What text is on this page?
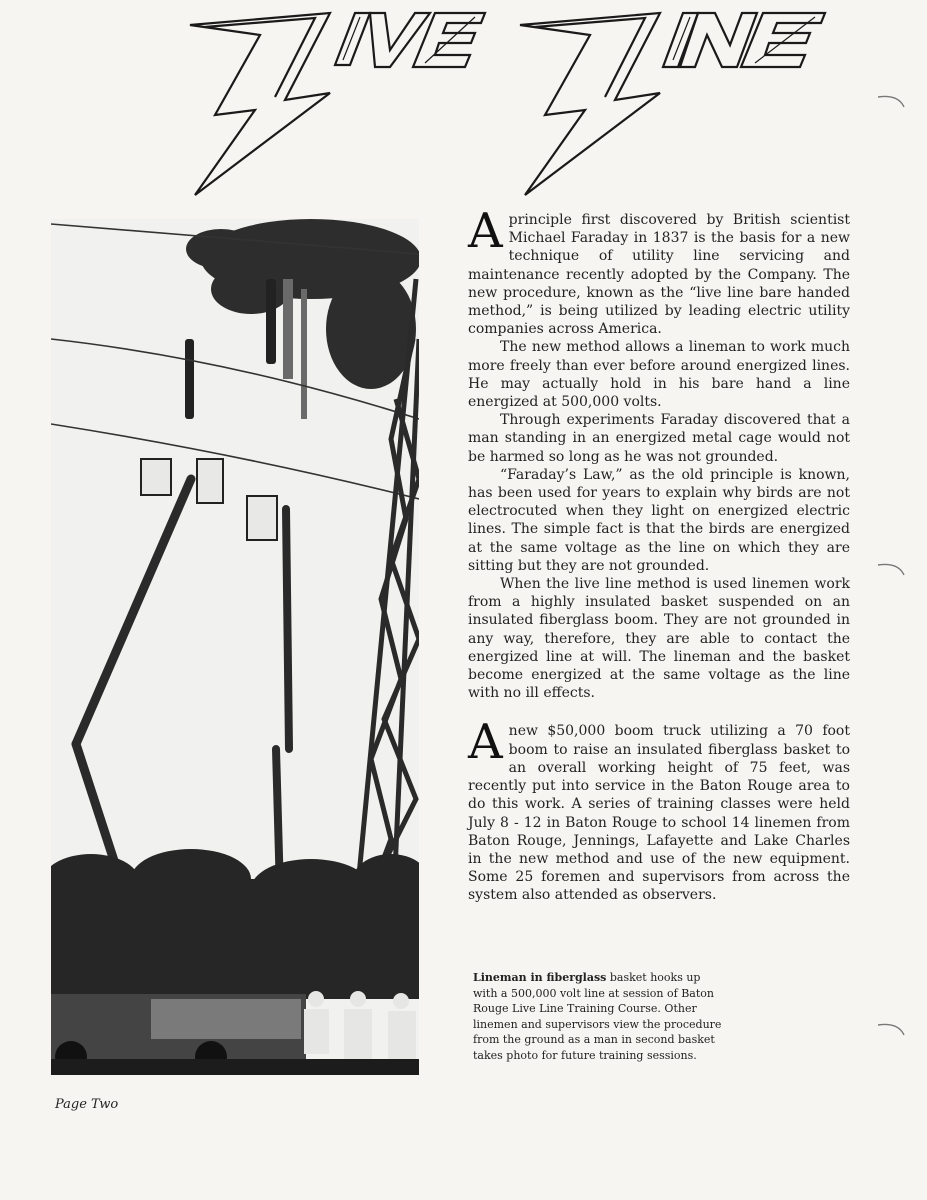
Aprinciple first discovered by British scientist Michael Faraday in 1837 is the basis for a new technique of utility line servicing and maintenance recently adopted by the Company. The new procedure, known as the “live line bare handed method,” is being utilized by leading electric utility companies across America.

The new method allows a lineman to work much more freely than ever before around energized lines. He may actually hold in his bare hand a line energized at 500,000 volts.

Through experiments Faraday discovered that a man standing in an energized metal cage would not be harmed so long as he was not grounded.

“Faraday’s Law,” as the old principle is known, has been used for years to explain why birds are not electrocuted when they light on energized electric lines. The simple fact is that the birds are energized at the same voltage as the line on which they are sitting but they are not grounded.

When the live line method is used linemen work from a highly insulated basket suspended on an insulated fiberglass boom. They are not grounded in any way, therefore, they are able to contact the energized line at will. The lineman and the basket become energized at the same voltage as the line with no ill effects.

Anew $50,000 boom truck utilizing a 70 foot boom to raise an insulated fiberglass basket to an overall working height of 75 feet, was recently put into service in the Baton Rouge area to do this work. A series of training classes were held July 8 - 12 in Baton Rouge to school 14 linemen from Baton Rouge, Jennings, Lafayette and Lake Charles in the new method and use of the new equipment. Some 25 foremen and supervisors from across the system also attended as observers.

Lineman in fiberglass basket hooks up with a 500,000 volt line at session of Baton Rouge Live Line Training Course. Other linemen and supervisors view the procedure from the ground as a man in second basket takes photo for future training sessions.
Page Two
